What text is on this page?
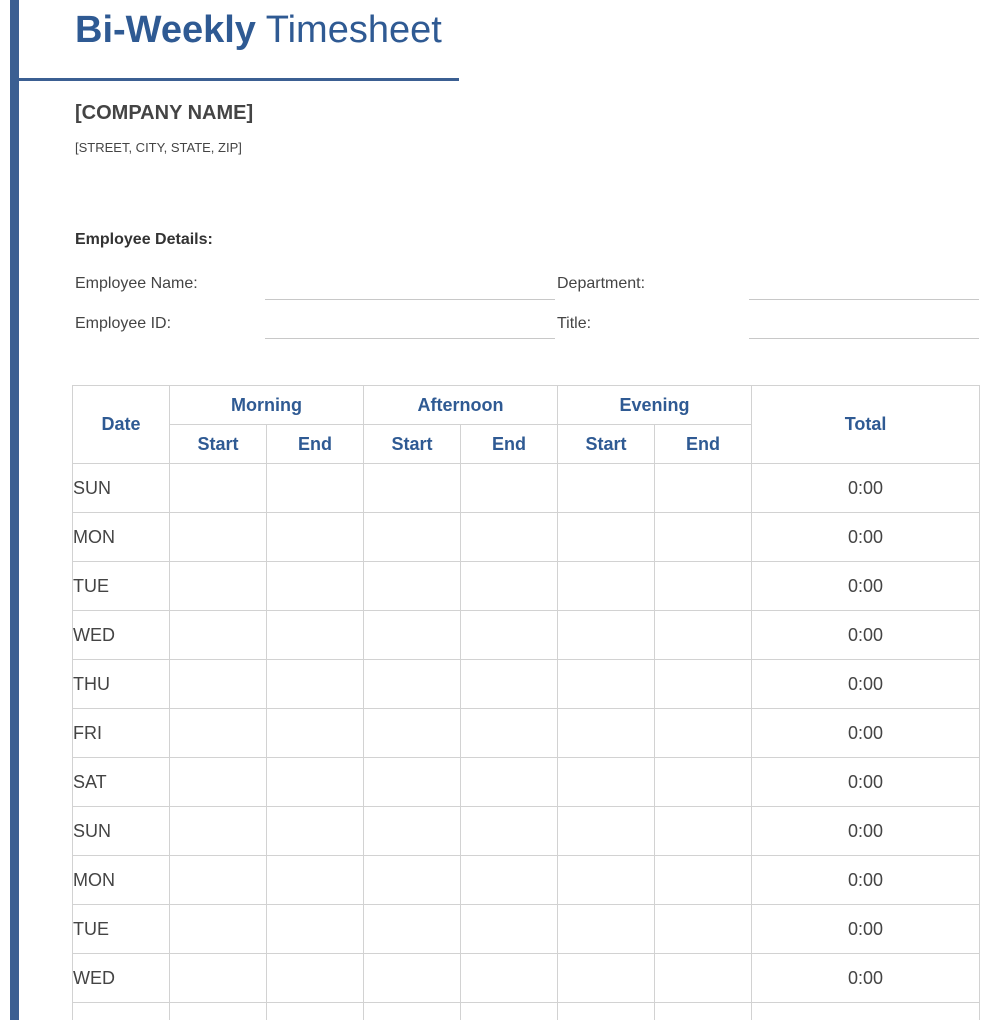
Bi-Weekly Timesheet
[COMPANY NAME]
[STREET, CITY, STATE, ZIP]
Employee Details:
Employee Name:	Department:
Employee ID:	Title:
Date	Morning		Afternoon		Evening		Total
	Start	End	Start	End	Start	End	
SUN							0:00
MON							0:00
TUE							0:00
WED							0:00
THU							0:00
FRI							0:00
SAT							0:00
SUN							0:00
MON							0:00
TUE							0:00
WED							0:00
